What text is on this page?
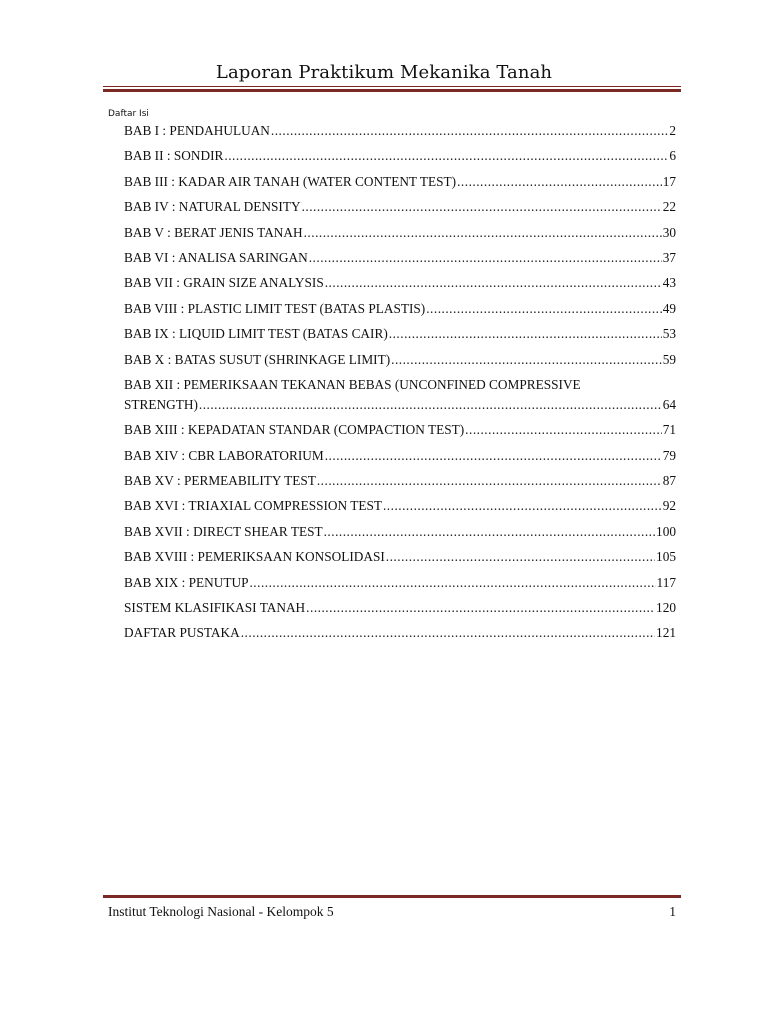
Laporan Praktikum Mekanika Tanah
Daftar Isi
BAB I : PENDAHULUAN .....	2
BAB II : SONDIR .....	6
BAB III : KADAR AIR TANAH (WATER CONTENT TEST) .....	17
BAB IV : NATURAL DENSITY .....	22
BAB V : BERAT JENIS TANAH .....	30
BAB VI : ANALISA SARINGAN .....	37
BAB VII : GRAIN SIZE ANALYSIS .....	43
BAB VIII : PLASTIC LIMIT TEST (BATAS PLASTIS) .....	49
BAB IX : LIQUID LIMIT TEST (BATAS CAIR) .....	53
BAB X : BATAS SUSUT (SHRINKAGE LIMIT) .....	59
BAB XII : PEMERIKSAAN TEKANAN BEBAS (UNCONFINED COMPRESSIVE
STRENGTH) .....	64
BAB XIII : KEPADATAN STANDAR (COMPACTION TEST) .....	71
BAB XIV : CBR LABORATORIUM .....	79
BAB XV : PERMEABILITY TEST .....	87
BAB XVI : TRIAXIAL COMPRESSION TEST .....	92
BAB XVII : DIRECT SHEAR TEST .....	100
BAB XVIII : PEMERIKSAAN KONSOLIDASI .....	105
BAB XIX : PENUTUP .....	117
SISTEM KLASIFIKASI TANAH .....	120
DAFTAR PUSTAKA .....	121
Institut Teknologi Nasional - Kelompok 5	1
